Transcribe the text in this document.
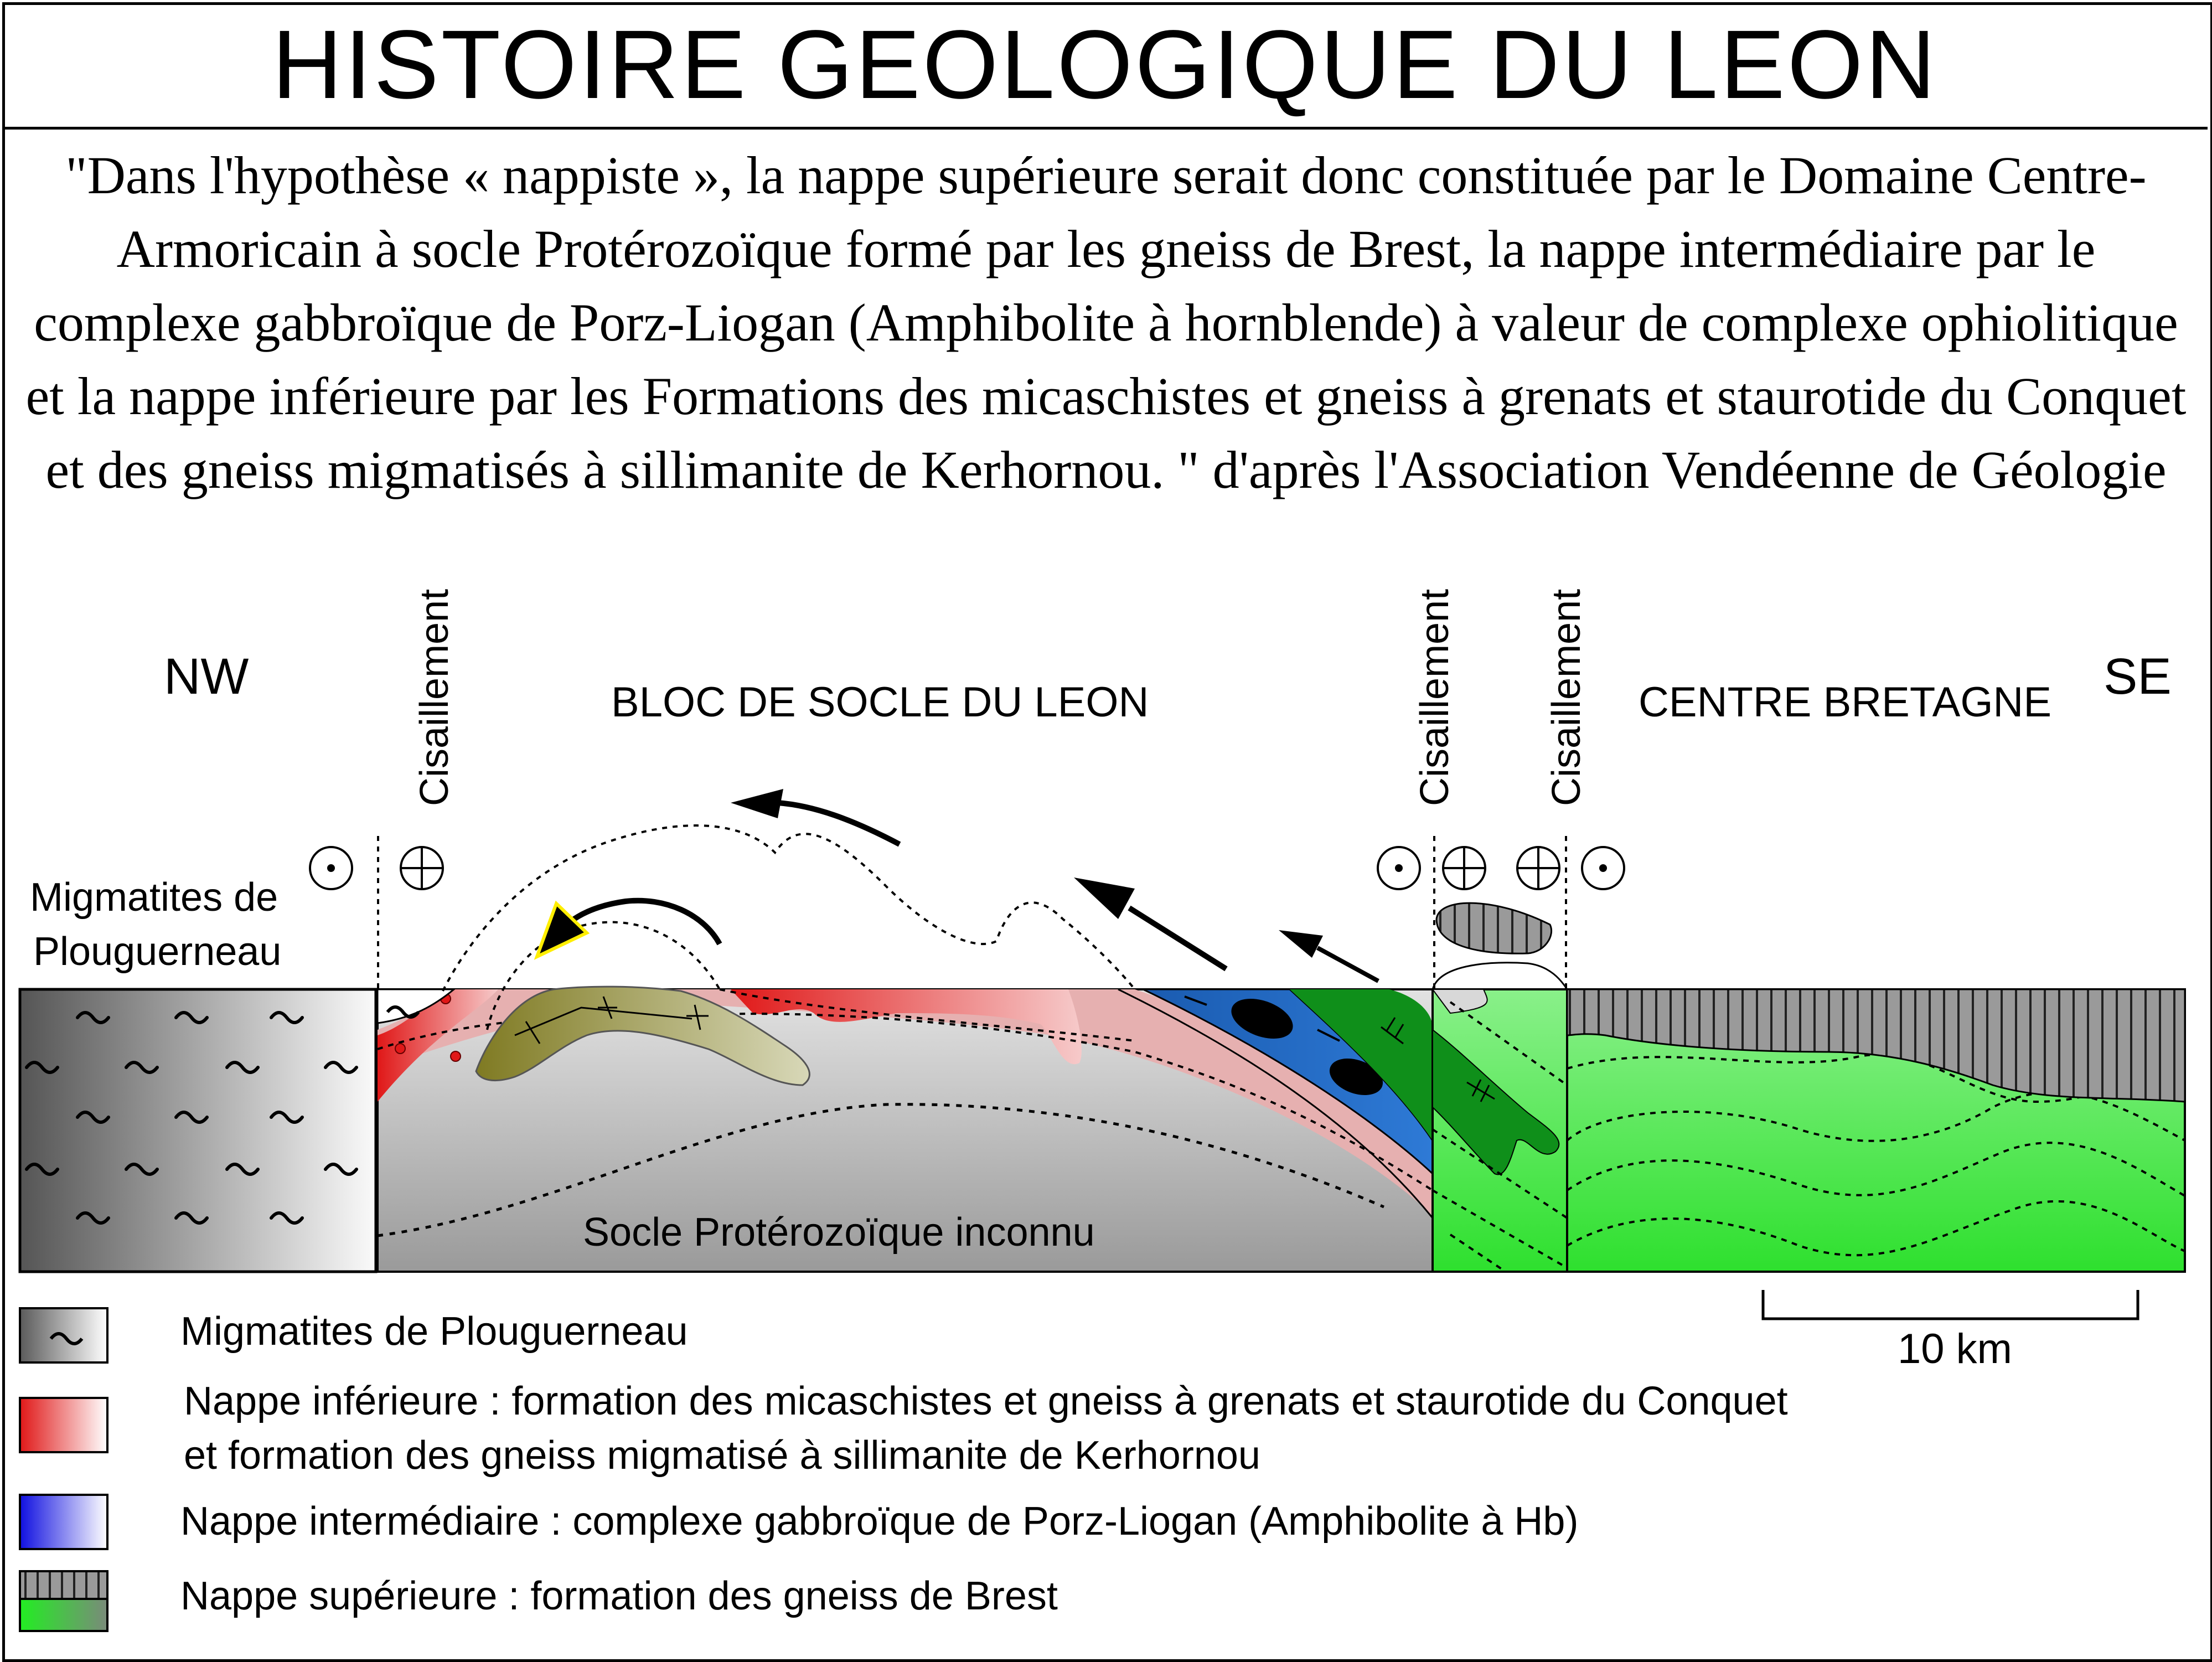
HISTOIRE GEOLOGIQUE DU LEON
"Dans l'hypothèse « nappiste », la nappe supérieure serait donc constituée par le Domaine Centre-Armoricain à socle Protérozoïque formé par les gneiss de Brest, la nappe intermédiaire par le complexe gabbroïque de Porz-Liogan (Amphibolite à hornblende) à valeur de complexe ophiolitique et la nappe inférieure par les Formations des micaschistes et gneiss à grenats et staurotide du Conquet et des gneiss migmatisés à sillimanite de Kerhornou. " d'après l'Association Vendéenne de Géologie
NW	SE
BLOC DE SOCLE DU LEON	CENTRE BRETAGNE
Migmatites de
Plouguerneau
Socle Protérozoïque inconnu
Cisaillement	Cisaillement Cisaillement
10 km
Migmatites de Plouguerneau
Nappe inférieure : formation des micaschistes et gneiss à grenats et staurotide du Conquet
et formation des gneiss migmatisé à sillimanite de Kerhornou
Nappe intermédiaire : complexe gabbroïque de Porz-Liogan (Amphibolite à Hb)
Nappe supérieure : formation des gneiss de Brest
